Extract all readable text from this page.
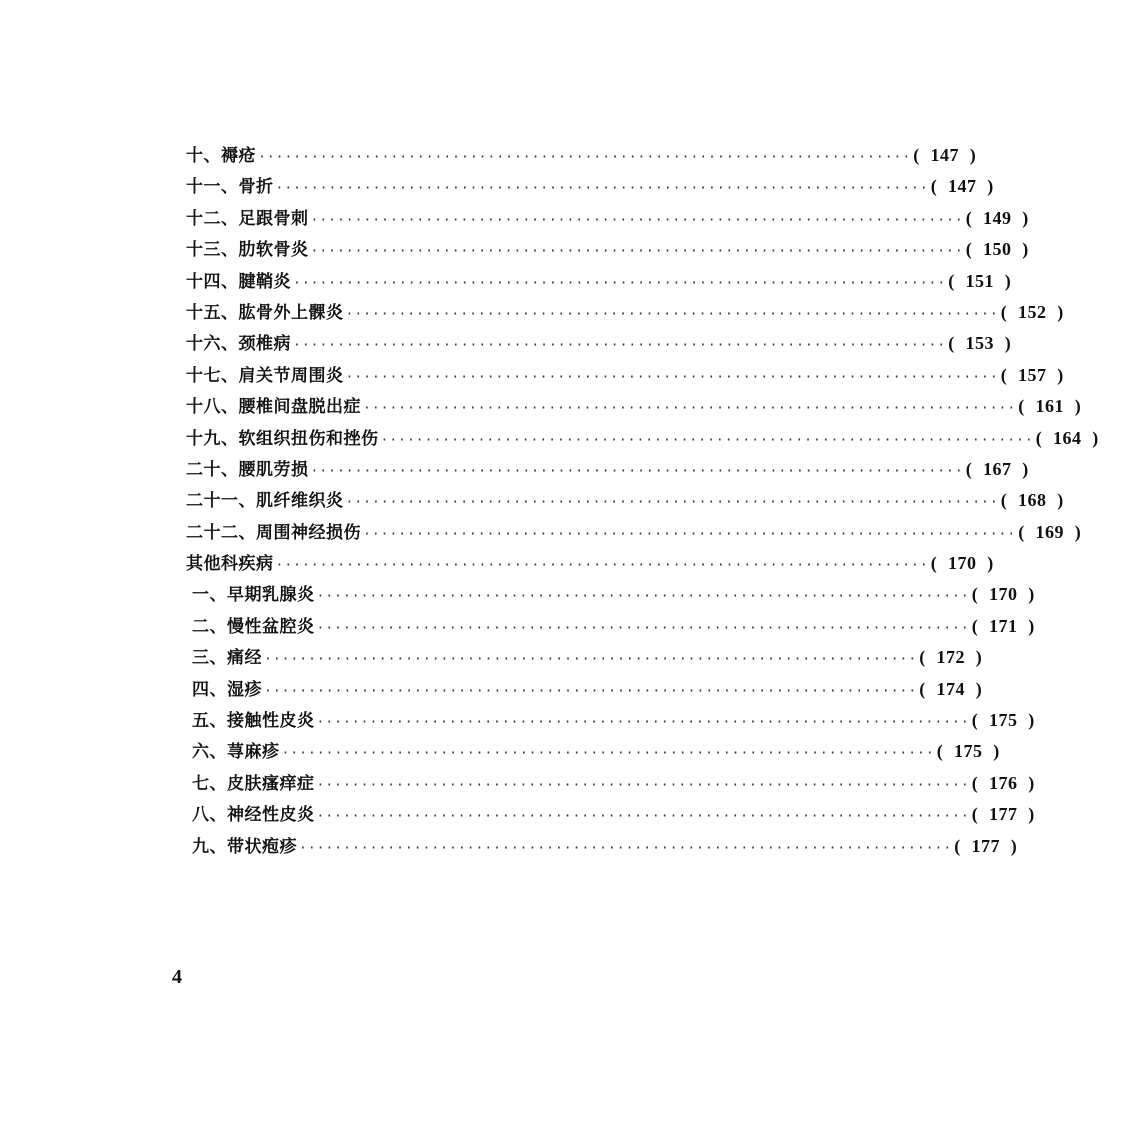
十、褥疮 ·········································································· ( 147 )
十一、骨折 ·········································································· ( 147 )
十二、足跟骨刺 ·········································································· ( 149 )
十三、肋软骨炎 ·········································································· ( 150 )
十四、腱鞘炎 ·········································································· ( 151 )
十五、肱骨外上髁炎 ·········································································· ( 152 )
十六、颈椎病 ·········································································· ( 153 )
十七、肩关节周围炎 ·········································································· ( 157 )
十八、腰椎间盘脱出症 ·········································································· ( 161 )
十九、软组织扭伤和挫伤 ·········································································· ( 164 )
二十、腰肌劳损 ·········································································· ( 167 )
二十一、肌纤维织炎 ·········································································· ( 168 )
二十二、周围神经损伤 ·········································································· ( 169 )
其他科疾病 ·········································································· ( 170 )
一、早期乳腺炎 ·········································································· ( 170 )
二、慢性盆腔炎 ·········································································· ( 171 )
三、痛经 ·········································································· ( 172 )
四、湿疹 ·········································································· ( 174 )
五、接触性皮炎 ·········································································· ( 175 )
六、荨麻疹 ·········································································· ( 175 )
七、皮肤瘙痒症 ·········································································· ( 176 )
八、神经性皮炎 ·········································································· ( 177 )
九、带状疱疹 ·········································································· ( 177 )
4
